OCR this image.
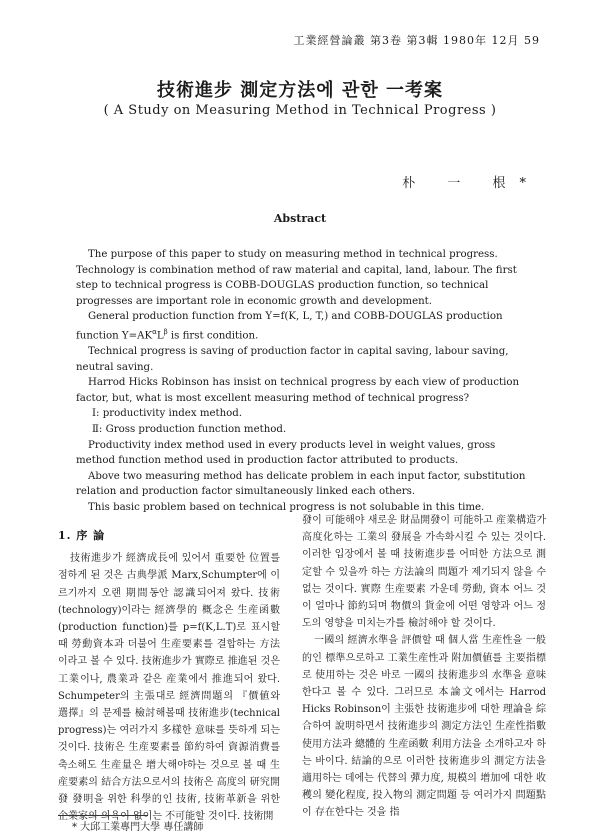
工業經營論叢 第3卷 第3輯 1980年 12月 59
技術進步 測定方法에 관한 一考案
( A Study on Measuring Method in Technical Progress )
朴 一 根*
Abstract

The purpose of this paper to study on measuring method in technical progress. Technology is combination method of raw material and capital, land, labour. The first step to technical progress is COBB-DOUGLAS production function, so technical progresses are important role in economic growth and development.

General production function from Y=f(K, L, T,) and COBB-DOUGLAS production function $Y=AK^\alpha L^\beta$ is first condition.

Technical progress is saving of production factor in capital saving, labour saving, neutral saving.

Harrod Hicks Robinson has insist on technical progress by each view of production factor, but, what is most excellent measuring method of technical progress?

Ⅰ: productivity index method.

Ⅱ: Gross production function method.

Productivity index method used in every products level in weight values, gross method function method used in production factor attributed to products.

Above two measuring method has delicate problem in each input factor, substitution relation and production factor simultaneously linked each others.

This basic problem based on technical progress is not solubable in this time.

1. 序 論

技術進步가 經濟成長에 있어서 重要한 位置를 점하게 된 것은 古典學派 Marx,Schumpter에 이르기까지 오랜 期間동안 認識되어져 왔다. 技術(technology)이라는 經濟學的 概念은 生産函數(production function)를 p=f(K,L.T)로 표시할 때 勞動資本과 더불어 生産要素를 결합하는 方法이라고 볼 수 있다. 技術進步가 實際로 推進된 것은 工業이나, 農業과 같은 産業에서 推進되어 왔다. Schumpeter의 主張대로 經濟問題의 『價値와 選擇』의 문제를 檢討해볼때 技術進步(technical progress)는 여러가지 多樣한 意味를 뜻하게 되는 것이다. 技術은 生産要素를 節約하여 資源消費를 축소해도 生産量은 增大해야하는 것으로 볼 때 生産要素의 結合方法으로서의 技術은 高度의 研究開發 發明을 위한 科學的인 技術, 技術革新을 위한 企業家의 의욕이 없이는 不可能할 것이다. 技術開

發이 可能해야 새로운 財品開發이 可能하고 産業構造가 高度化하는 工業의 發展을 가속화시킬 수 있는 것이다. 이러한 입장에서 볼 때 技術進步를 어떠한 方法으로 測定할 수 있을까 하는 方法論의 問題가 제기되지 않을 수 없는 것이다. 實際 生産要素 가운데 勞動, 資本 어느 것이 얼마나 節約되며 物價의 貨金에 어떤 영향과 어느 정도의 영향을 미치는가를 檢討해야 할 것이다.

一國의 經濟水準을 評價할 때 個人當 生産性을 一般的인 標準으로하고 工業生産性과 附加價値를 主要指標로 使用하는 것은 바로 一國의 技術進步의 水準을 意味한다고 볼 수 있다. 그러므로 本論文에서는 Harrod Hicks Robinson이 主張한 技術進步에 대한 理論을 綜合하여 說明하면서 技術進步의 測定方法인 生産性指數 使用方法과 總體的 生産函數 利用方法을 소개하고자 하는 바이다. 結論的으로 이러한 技術進步의 測定方法을 適用하는 데에는 代替의 彈力度, 規模의 增加에 대한 收穫의 變化程度, 投入物의 測定問題 등 여러가지 問題點이 存在한다는 것을 指

* 大邱工業專門大學 專任講師
